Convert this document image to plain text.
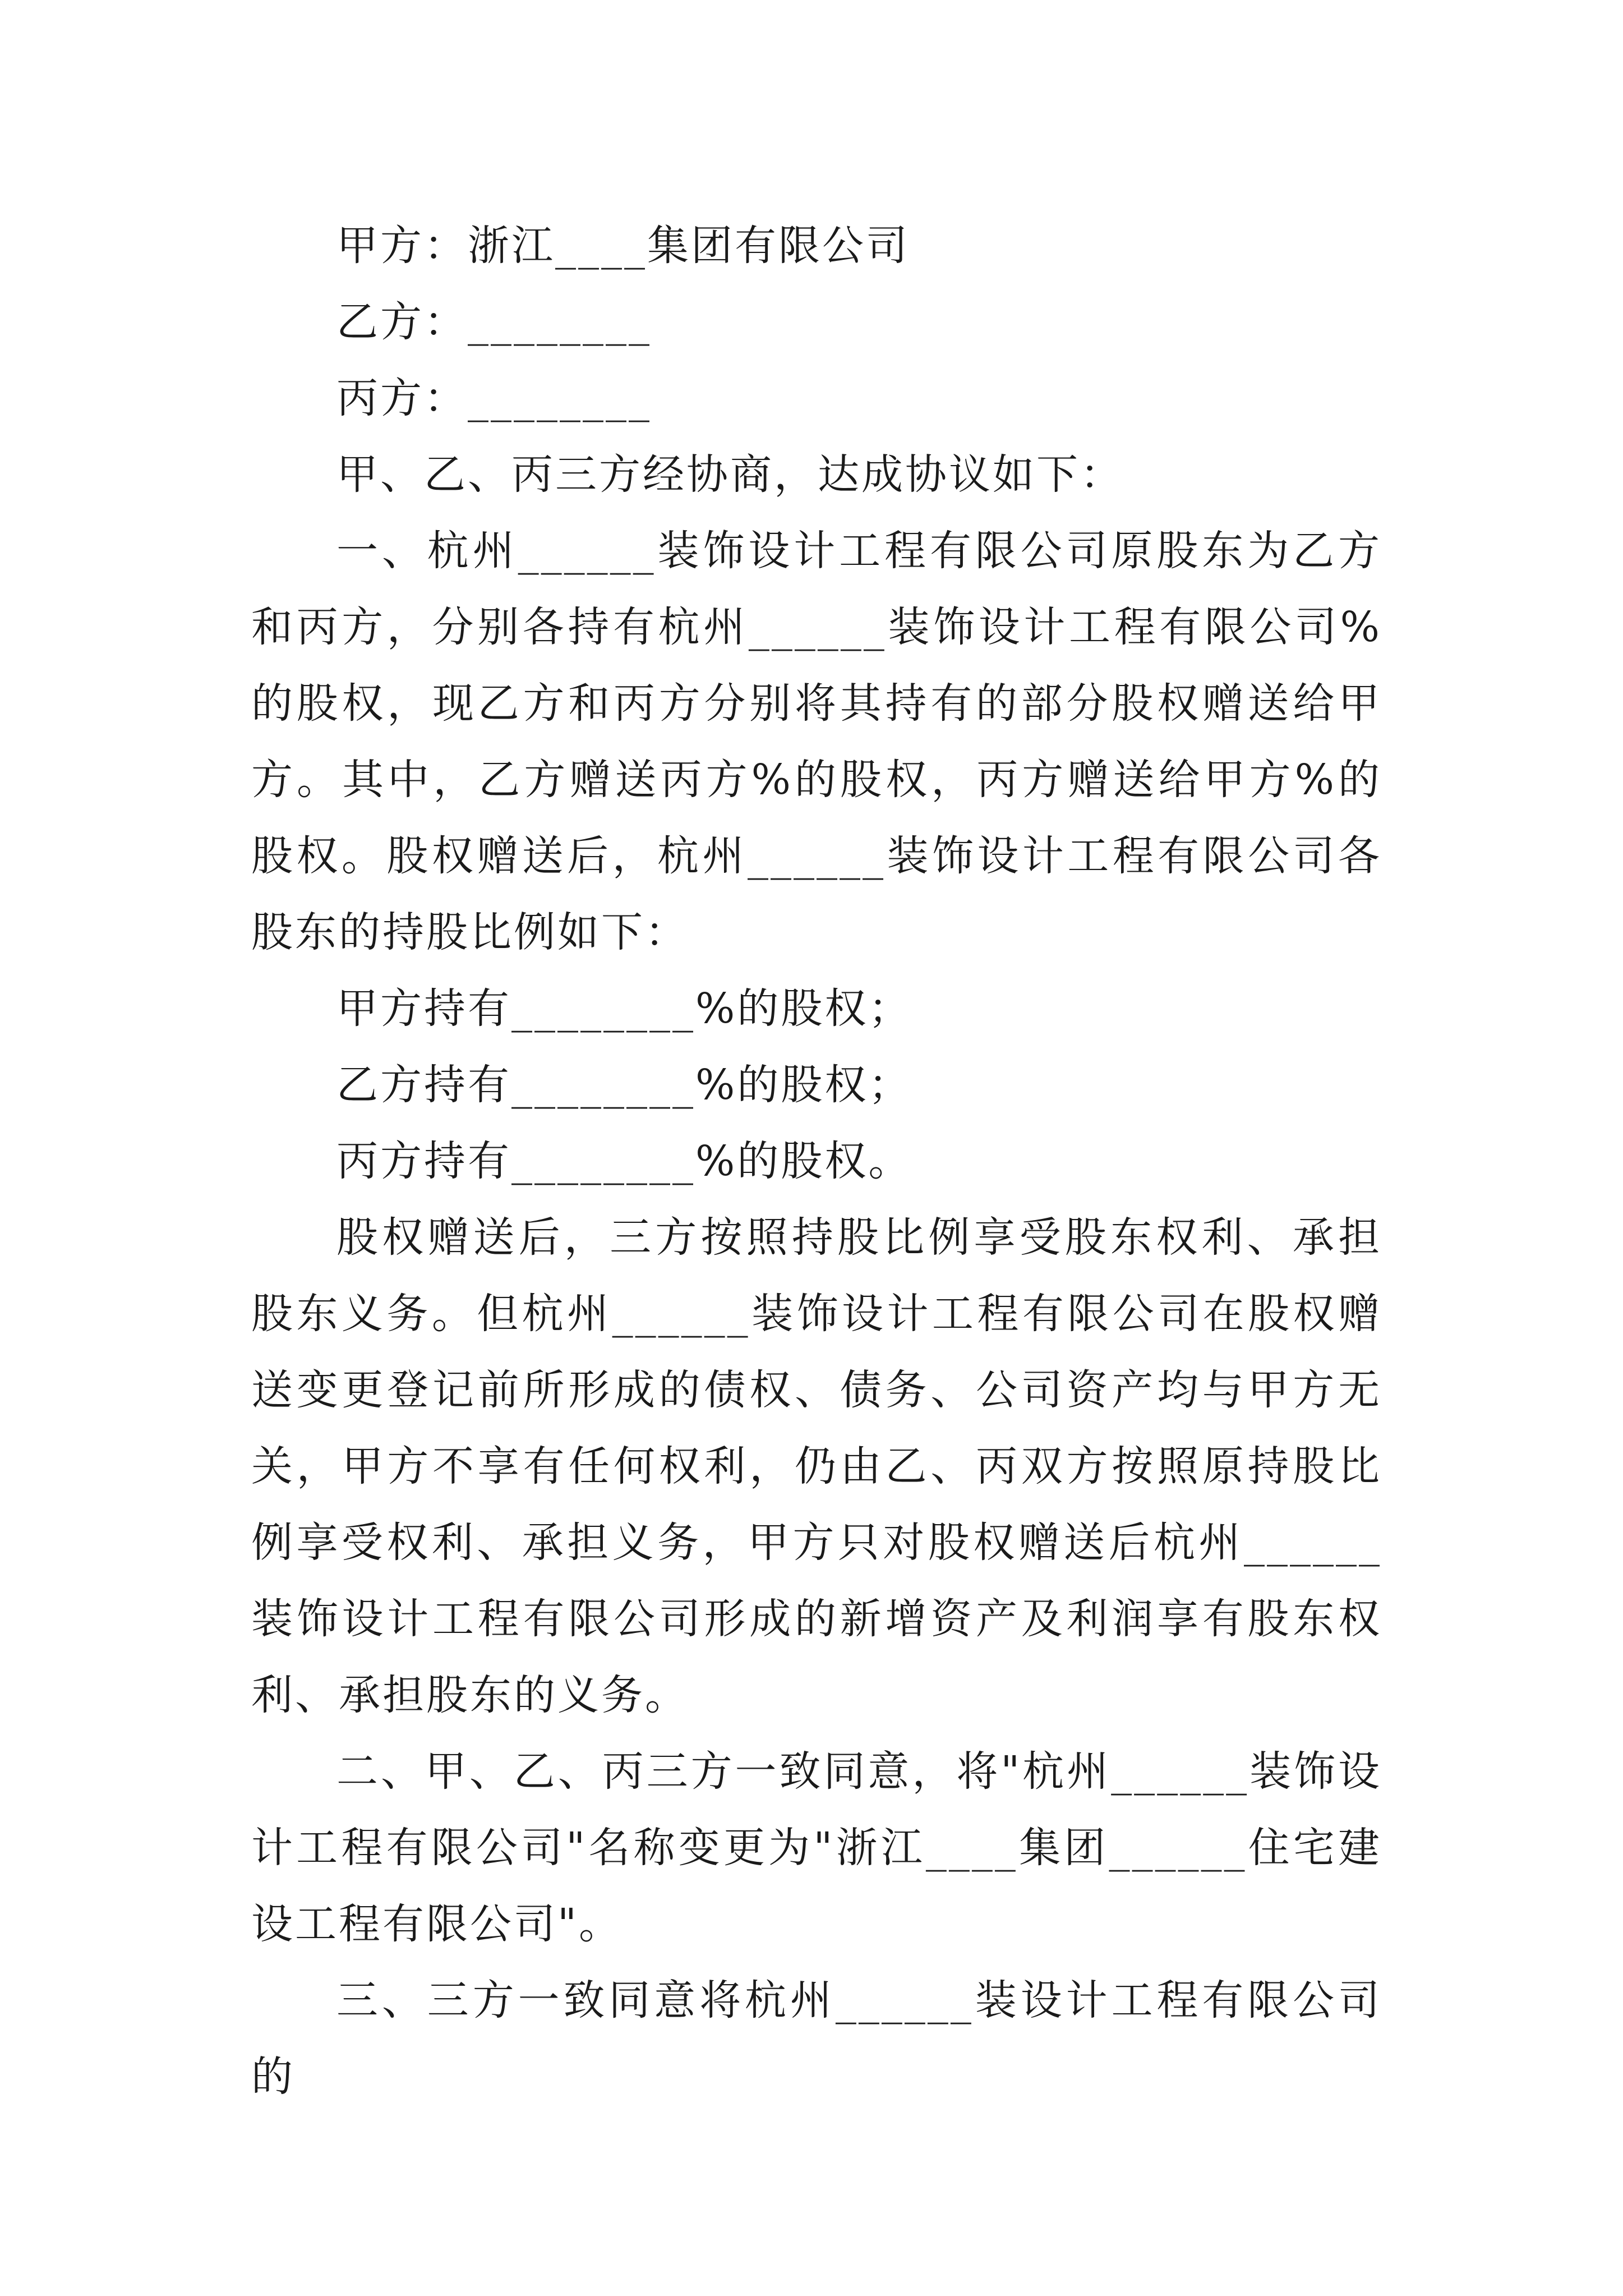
甲方：浙江____集团有限公司

乙方：________

丙方：________

甲、乙、丙三方经协商，达成协议如下：

一、杭州______装饰设计工程有限公司原股东为乙方和丙方，分别各持有杭州______装饰设计工程有限公司%的股权，现乙方和丙方分别将其持有的部分股权赠送给甲方。其中，乙方赠送丙方%的股权，丙方赠送给甲方%的股权。股权赠送后，杭州______装饰设计工程有限公司各股东的持股比例如下：

甲方持有________%的股权；

乙方持有________%的股权；

丙方持有________%的股权。

股权赠送后，三方按照持股比例享受股东权利、承担股东义务。但杭州______装饰设计工程有限公司在股权赠送变更登记前所形成的债权、债务、公司资产均与甲方无关，甲方不享有任何权利，仍由乙、丙双方按照原持股比例享受权利、承担义务，甲方只对股权赠送后杭州______装饰设计工程有限公司形成的新增资产及利润享有股东权利、承担股东的义务。

二、甲、乙、丙三方一致同意，将"杭州______装饰设计工程有限公司"名称变更为"浙江____集团______住宅建设工程有限公司"。

三、三方一致同意将杭州______装设计工程有限公司的
